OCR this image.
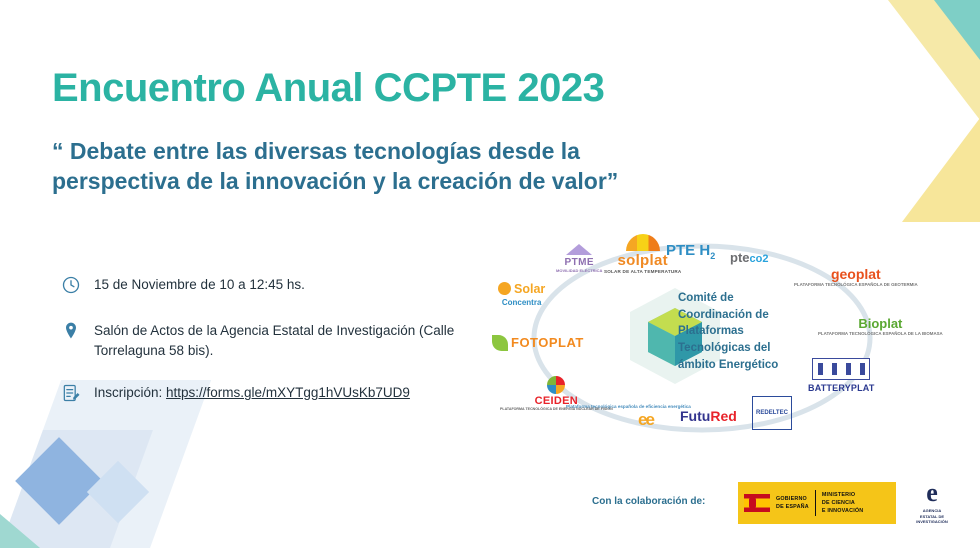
Encuentro Anual CCPTE 2023
“ Debate entre las diversas tecnologías desde la perspectiva de la innovación y la creación de valor”
15 de Noviembre de 10 a 12:45 hs.
Salón de Actos de la Agencia Estatal de Investigación (Calle Torrelaguna 58 bis).
Inscripción: https://forms.gle/mXYTgg1hVUsKb7UD9
Comité de Coordinación de Plataformas Tecnológicas del ámbito Energético
solplat
SOLAR DE ALTA TEMPERATURA
PTE $H_2$ pteco2
geoplat
PLATAFORMA TECNOLÓGICA ESPAÑOLA DE GEOTERMIA
Bioplat
PLATAFORMA TECNOLÓGICA ESPAÑOLA DE LA BIOMASA
BATTERYPLAT
REDELTEC
FutuRed
ee
Plataforma tecnológica española de eficiencia energética
CEIDEN
PLATAFORMA TECNOLÓGICA DE ENERGÍA NUCLEAR DE FISIÓN
FOTOPLAT
Solar
Concentra
PTME
MOVILIDAD ELÉCTRICA
Con la colaboración de:	GOBIERNO
DE ESPAÑA
MINISTERIO
DE CIENCIA
E INNOVACIÓN
e
AGENCIA
ESTATAL DE
INVESTIGACIÓN
